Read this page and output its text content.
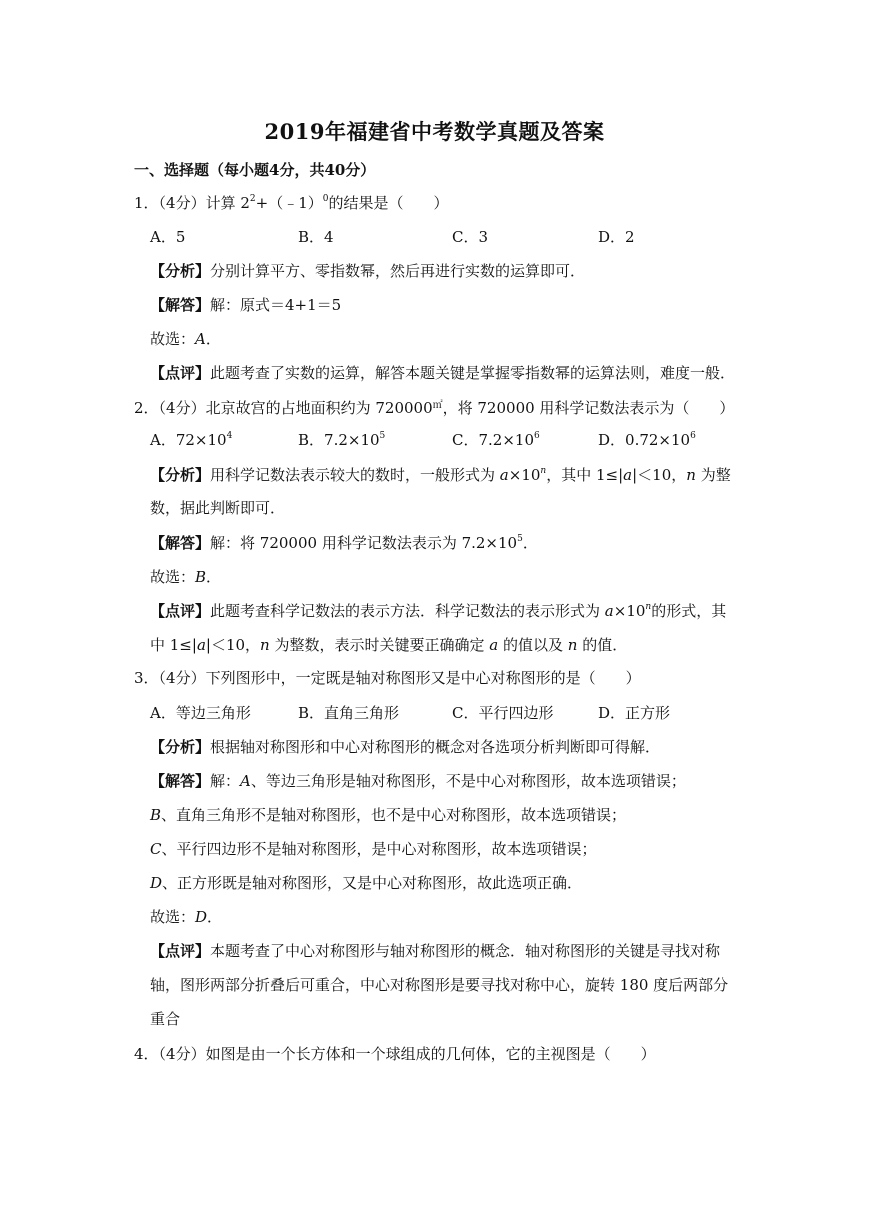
2019年福建省中考数学真题及答案
一、选择题（每小题4分，共40分）
1．（4分）计算 $2^2+(﹣1)^0$的结果是（　　）
A．5	B．4	C．3	D．2
【分析】分别计算平方、零指数幂，然后再进行实数的运算即可．
【解答】解：原式＝4+1＝5
故选：A．
【点评】此题考查了实数的运算，解答本题关键是掌握零指数幂的运算法则，难度一般．
2．（4分）北京故宫的占地面积约为 720000㎡，将 720000 用科学记数法表示为（　　）
A．$72\times 10^4$	B．$7.2\times 10^5$	C．$7.2\times 10^6$	D．$0.72\times 10^6$
【分析】用科学记数法表示较大的数时，一般形式为 $a\times 10^n$，其中 1≤|a|＜10，n 为整
数，据此判断即可．
【解答】解：将 720000 用科学记数法表示为 $7.2\times 10^5$．
故选：B．
【点评】此题考查科学记数法的表示方法．科学记数法的表示形式为 $a\times 10^n$的形式，其
中 1≤|a|＜10，n 为整数，表示时关键要正确确定 a 的值以及 n 的值．
3．（4分）下列图形中，一定既是轴对称图形又是中心对称图形的是（　　）
A．等边三角形	B．直角三角形	C．平行四边形	D．正方形
【分析】根据轴对称图形和中心对称图形的概念对各选项分析判断即可得解．
【解答】解：A、等边三角形是轴对称图形，不是中心对称图形，故本选项错误；
B、直角三角形不是轴对称图形，也不是中心对称图形，故本选项错误；
C、平行四边形不是轴对称图形，是中心对称图形，故本选项错误；
D、正方形既是轴对称图形，又是中心对称图形，故此选项正确．
故选：D．
【点评】本题考查了中心对称图形与轴对称图形的概念．轴对称图形的关键是寻找对称
轴，图形两部分折叠后可重合，中心对称图形是要寻找对称中心，旋转 180 度后两部分
重合
4．（4分）如图是由一个长方体和一个球组成的几何体，它的主视图是（　　）
